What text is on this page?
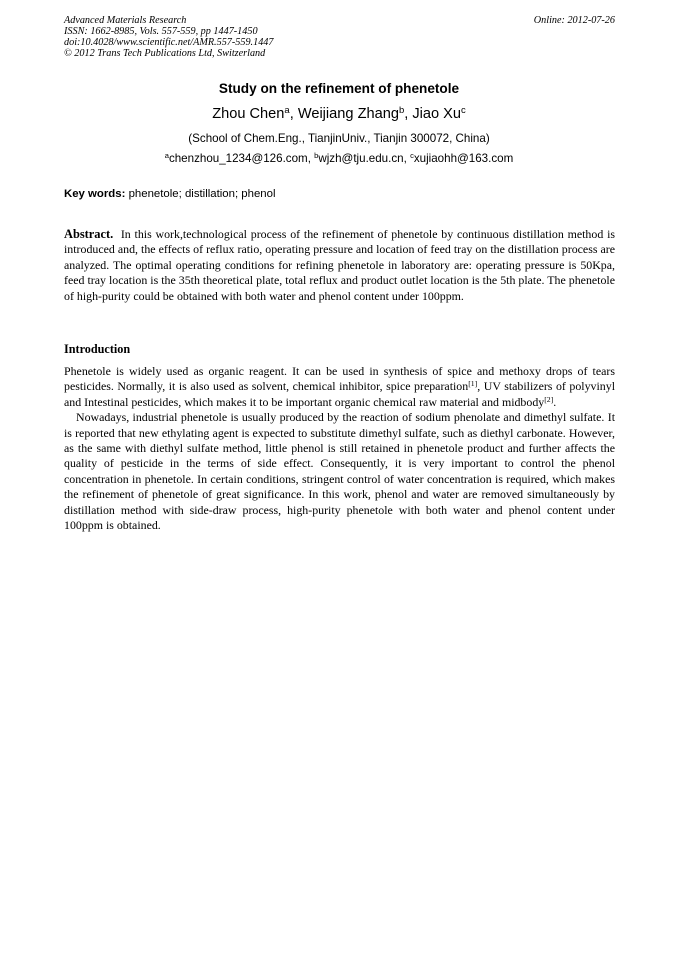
Advanced Materials Research
ISSN: 1662-8985, Vols. 557-559, pp 1447-1450
doi:10.4028/www.scientific.net/AMR.557-559.1447
© 2012 Trans Tech Publications Ltd, Switzerland
Online: 2012-07-26
Study on the refinement of phenetole
Zhou Chen$^a$, Weijiang Zhang$^b$, Jiao Xu$^c$
(School of Chem.Eng., TianjinUniv., Tianjin 300072, China)
$^a$chenzhou_1234@126.com, $^b$wjzh@tju.edu.cn, $^c$xujiaohh@163.com
Key words: phenetole; distillation; phenol
Abstract. In this work,technological process of the refinement of phenetole by continuous distillation method is introduced and, the effects of reflux ratio, operating pressure and location of feed tray on the distillation process are analyzed. The optimal operating conditions for refining phenetole in laboratory are: operating pressure is 50Kpa, feed tray location is the 35th theoretical plate, total reflux and product outlet location is the 5th plate. The phenetole of high-purity could be obtained with both water and phenol content under 100ppm.
Introduction

Phenetole is widely used as organic reagent. It can be used in synthesis of spice and methoxy drops of tears pesticides. Normally, it is also used as solvent, chemical inhibitor, spice preparation[1], UV stabilizers of polyvinyl and Intestinal pesticides, which makes it to be important organic chemical raw material and midbody[2].

Nowadays, industrial phenetole is usually produced by the reaction of sodium phenolate and dimethyl sulfate. It is reported that new ethylating agent is expected to substitute dimethyl sulfate, such as diethyl carbonate. However, as the same with diethyl sulfate method, little phenol is still retained in phenetole product and further affects the quality of pesticide in the terms of side effect. Consequently, it is very important to control the phenol concentration in phenetole. In certain conditions, stringent control of water concentration is required, which makes the refinement of phenetole of great significance. In this work, phenol and water are removed simultaneously by distillation method with side-draw process, high-purity phenetole with both water and phenol content under 100ppm is obtained.
